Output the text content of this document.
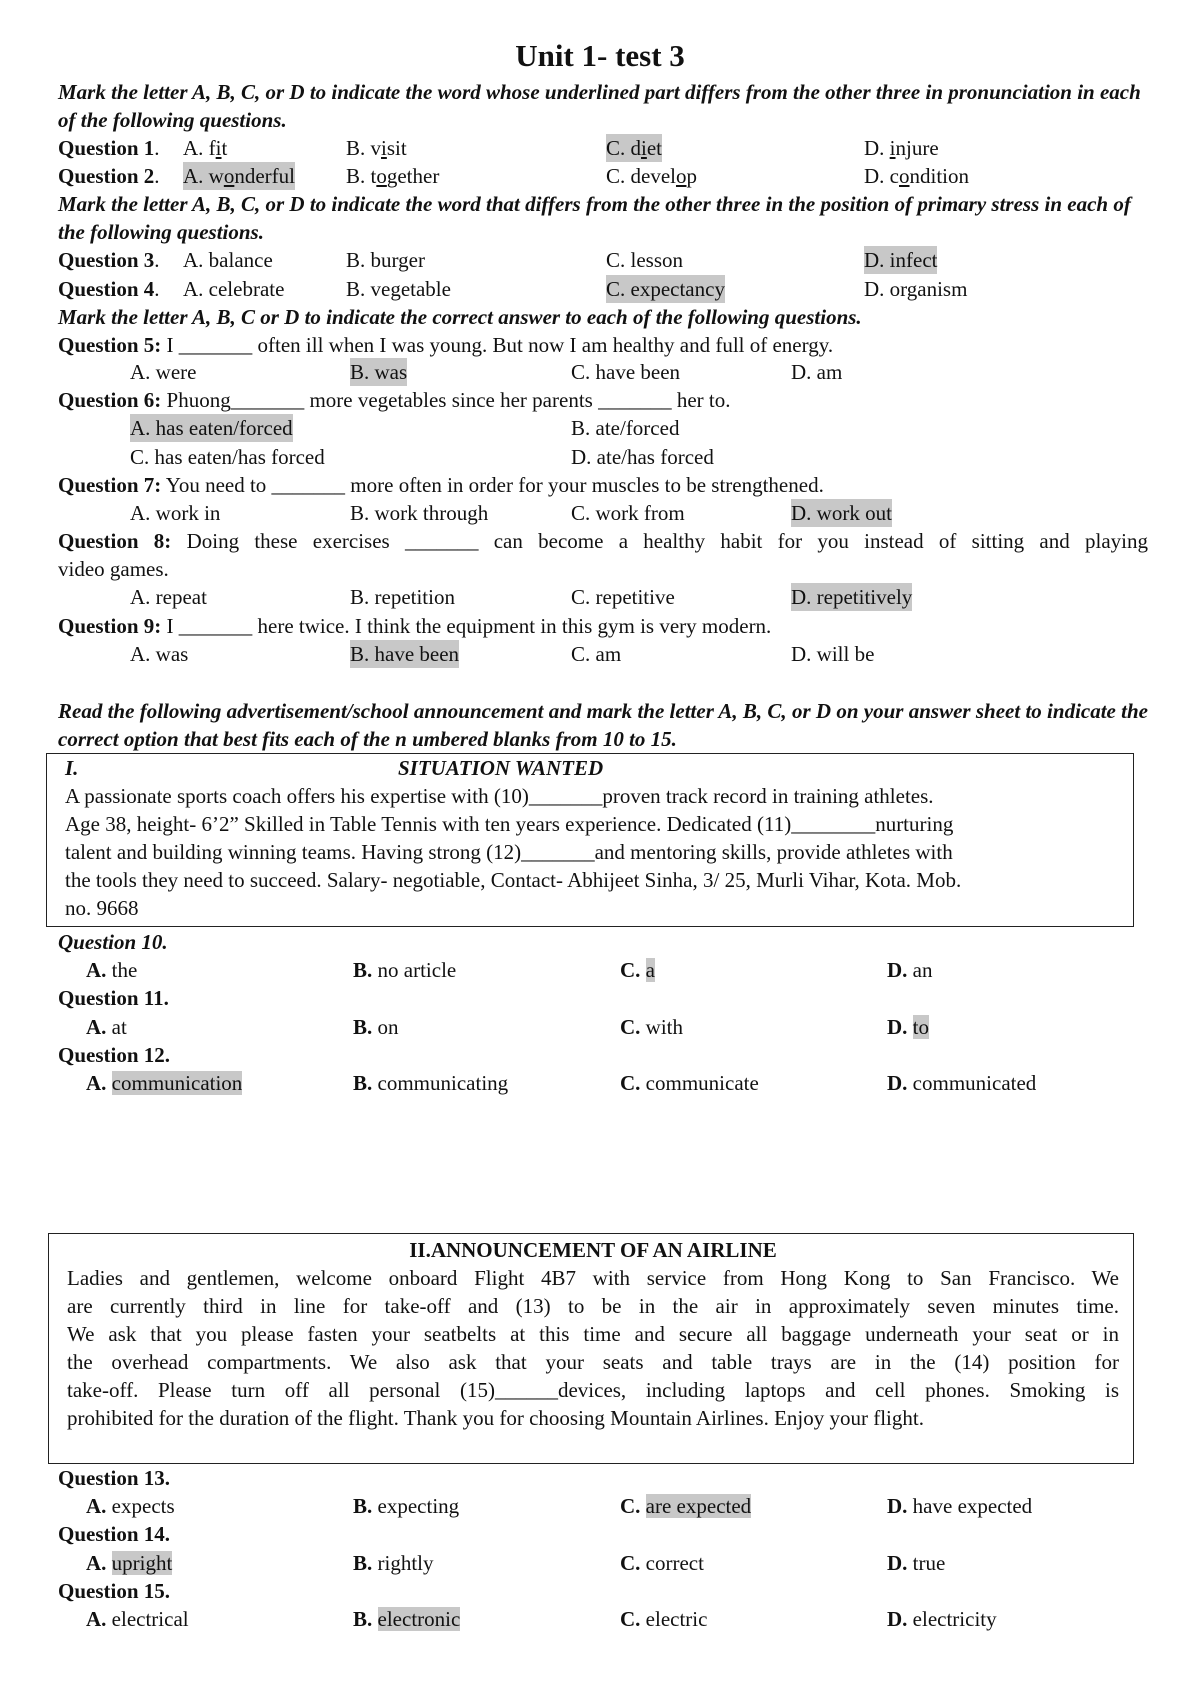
Unit 1- test 3
Mark the letter A, B, C, or D to indicate the word whose underlined part differs from the other three in pronunciation in each of the following questions.
Question 1. A. fit	B. visit	C. diet	D. injure
Question 2. A. wonderful B. together	C. develop	D. condition
Mark the letter A, B, C, or D to indicate the word that differs from the other three in the position of primary stress in each of the following questions.
Question 3. A. balance	B. burger	C. lesson	D. infect
Question 4. A. celebrate	B. vegetable	C. expectancy	D. organism
Mark the letter A, B, C or D to indicate the correct answer to each of the following questions.
Question 5: I _______ often ill when I was young. But now I am healthy and full of energy.
A. were	B. was	C. have been	D. am
Question 6: Phuong_______ more vegetables since her parents _______ her to.
A. has eaten/forced	B. ate/forced
C. has eaten/has forced	D. ate/has forced
Question 7: You need to _______ more often in order for your muscles to be strengthened.
A. work in	B. work through	C. work from	D. work out
Question 8: Doing these exercises _______ can become a healthy habit for you instead of sitting and playing
video games.
A. repeat	B. repetition	C. repetitive	D. repetitively
Question 9: I _______ here twice. I think the equipment in this gym is very modern.
A. was	B. have been	C. am	D. will be
Read the following advertisement/school announcement and mark the letter A, B, C, or D on your answer sheet to indicate the correct option that best fits each of the n umbered blanks from 10 to 15.
I.	SITUATION WANTED
A passionate sports coach offers his expertise with (10)_______proven track record in training athletes.
Age 38, height- 6’2” Skilled in Table Tennis with ten years experience. Dedicated (11)________nurturing
talent and building winning teams. Having strong (12)_______and mentoring skills, provide athletes with
the tools they need to succeed. Salary- negotiable, Contact- Abhijeet Sinha, 3/ 25, Murli Vihar, Kota. Mob.
no. 9668
Question 10.
A. the	B. no article	C. a	D. an
Question 11.
A. at	B. on	C. with	D. to
Question 12.
A. communication	B. communicating	C. communicate	D. communicated
II.ANNOUNCEMENT OF AN AIRLINE
Ladies and gentlemen, welcome onboard Flight 4B7 with service from Hong Kong to San Francisco. We
are currently third in line for take-off and (13) to be in the air in approximately seven minutes time.
We ask that you please fasten your seatbelts at this time and secure all baggage underneath your seat or in
the overhead compartments. We also ask that your seats and table trays are in the (14) position for
take-off. Please turn off all personal (15)______devices, including laptops and cell phones. Smoking is
prohibited for the duration of the flight. Thank you for choosing Mountain Airlines. Enjoy your flight.
Question 13.
A. expects	B. expecting	C. are expected	D. have expected
Question 14.
A. upright	B. rightly	C. correct	D. true
Question 15.
A. electrical	B. electronic	C. electric	D. electricity
